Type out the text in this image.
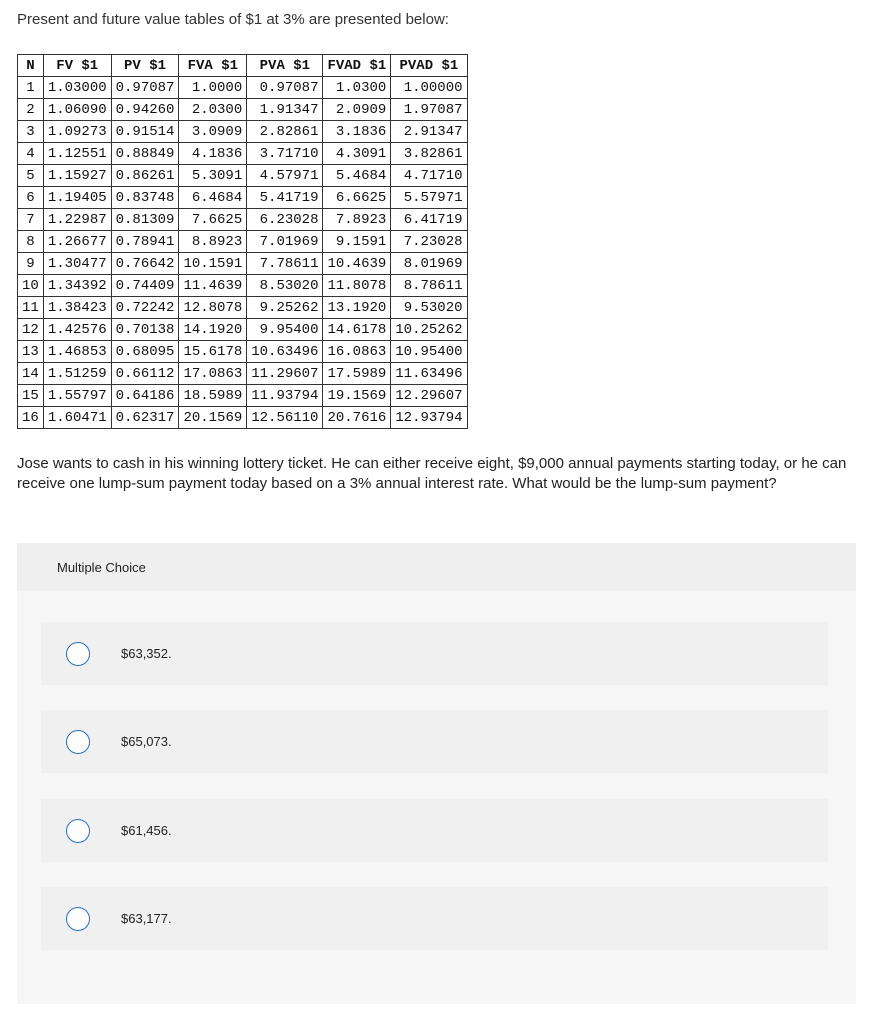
Present and future value tables of $1 at 3% are presented below:
N	FV $1	PV $1	FVA $1	PVA $1	FVAD $1	PVAD $1
1	1.03000	0.97087	1.0000	0.97087	1.0300	1.00000
2	1.06090	0.94260	2.0300	1.91347	2.0909	1.97087
3	1.09273	0.91514	3.0909	2.82861	3.1836	2.91347
4	1.12551	0.88849	4.1836	3.71710	4.3091	3.82861
5	1.15927	0.86261	5.3091	4.57971	5.4684	4.71710
6	1.19405	0.83748	6.4684	5.41719	6.6625	5.57971
7	1.22987	0.81309	7.6625	6.23028	7.8923	6.41719
8	1.26677	0.78941	8.8923	7.01969	9.1591	7.23028
9	1.30477	0.76642	10.1591	7.78611	10.4639	8.01969
10	1.34392	0.74409	11.4639	8.53020	11.8078	8.78611
11	1.38423	0.72242	12.8078	9.25262	13.1920	9.53020
12	1.42576	0.70138	14.1920	9.95400	14.6178	10.25262
13	1.46853	0.68095	15.6178	10.63496	16.0863	10.95400
14	1.51259	0.66112	17.0863	11.29607	17.5989	11.63496
15	1.55797	0.64186	18.5989	11.93794	19.1569	12.29607
16	1.60471	0.62317	20.1569	12.56110	20.7616	12.93794
Jose wants to cash in his winning lottery ticket. He can either receive eight, $9,000 annual payments starting today, or he can receive one lump-sum payment today based on a 3% annual interest rate. What would be the lump-sum payment?
Multiple Choice
$63,352.
$65,073.
$61,456.
$63,177.
